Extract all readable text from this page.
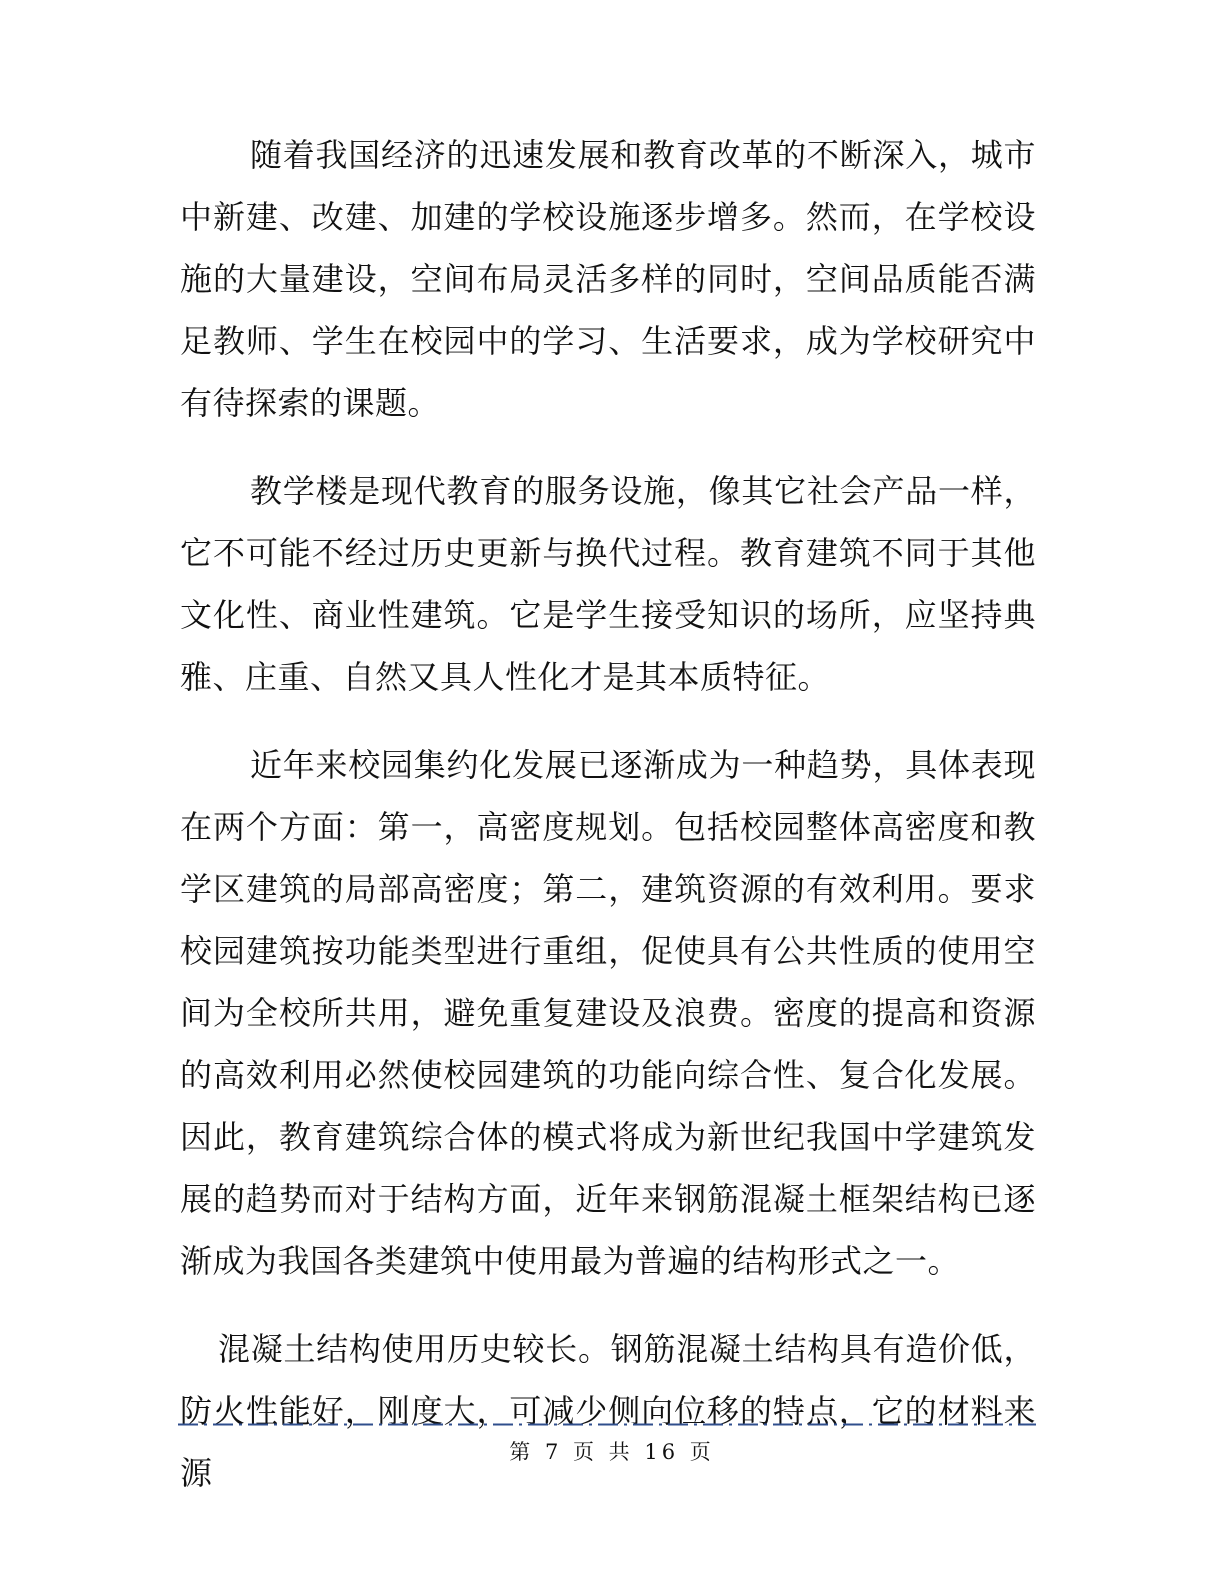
随着我国经济的迅速发展和教育改革的不断深入，城市中新建、改建、加建的学校设施逐步增多。然而，在学校设施的大量建设，空间布局灵活多样的同时，空间品质能否满足教师、学生在校园中的学习、生活要求，成为学校研究中有待探索的课题。

教学楼是现代教育的服务设施，像其它社会产品一样，它不可能不经过历史更新与换代过程。教育建筑不同于其他文化性、商业性建筑。它是学生接受知识的场所，应坚持典雅、庄重、自然又具人性化才是其本质特征。

近年来校园集约化发展已逐渐成为一种趋势，具体表现在两个方面：第一，高密度规划。包括校园整体高密度和教学区建筑的局部高密度；第二，建筑资源的有效利用。要求校园建筑按功能类型进行重组，促使具有公共性质的使用空间为全校所共用，避免重复建设及浪费。密度的提高和资源的高效利用必然使校园建筑的功能向综合性、复合化发展。因此，教育建筑综合体的模式将成为新世纪我国中学建筑发展的趋势而对于结构方面，近年来钢筋混凝土框架结构已逐渐成为我国各类建筑中使用最为普遍的结构形式之一。

混凝土结构使用历史较长。钢筋混凝土结构具有造价低，防火性能好，刚度大，可减少侧向位移的特点，它的材料来源

第 7 页 共 16 页
